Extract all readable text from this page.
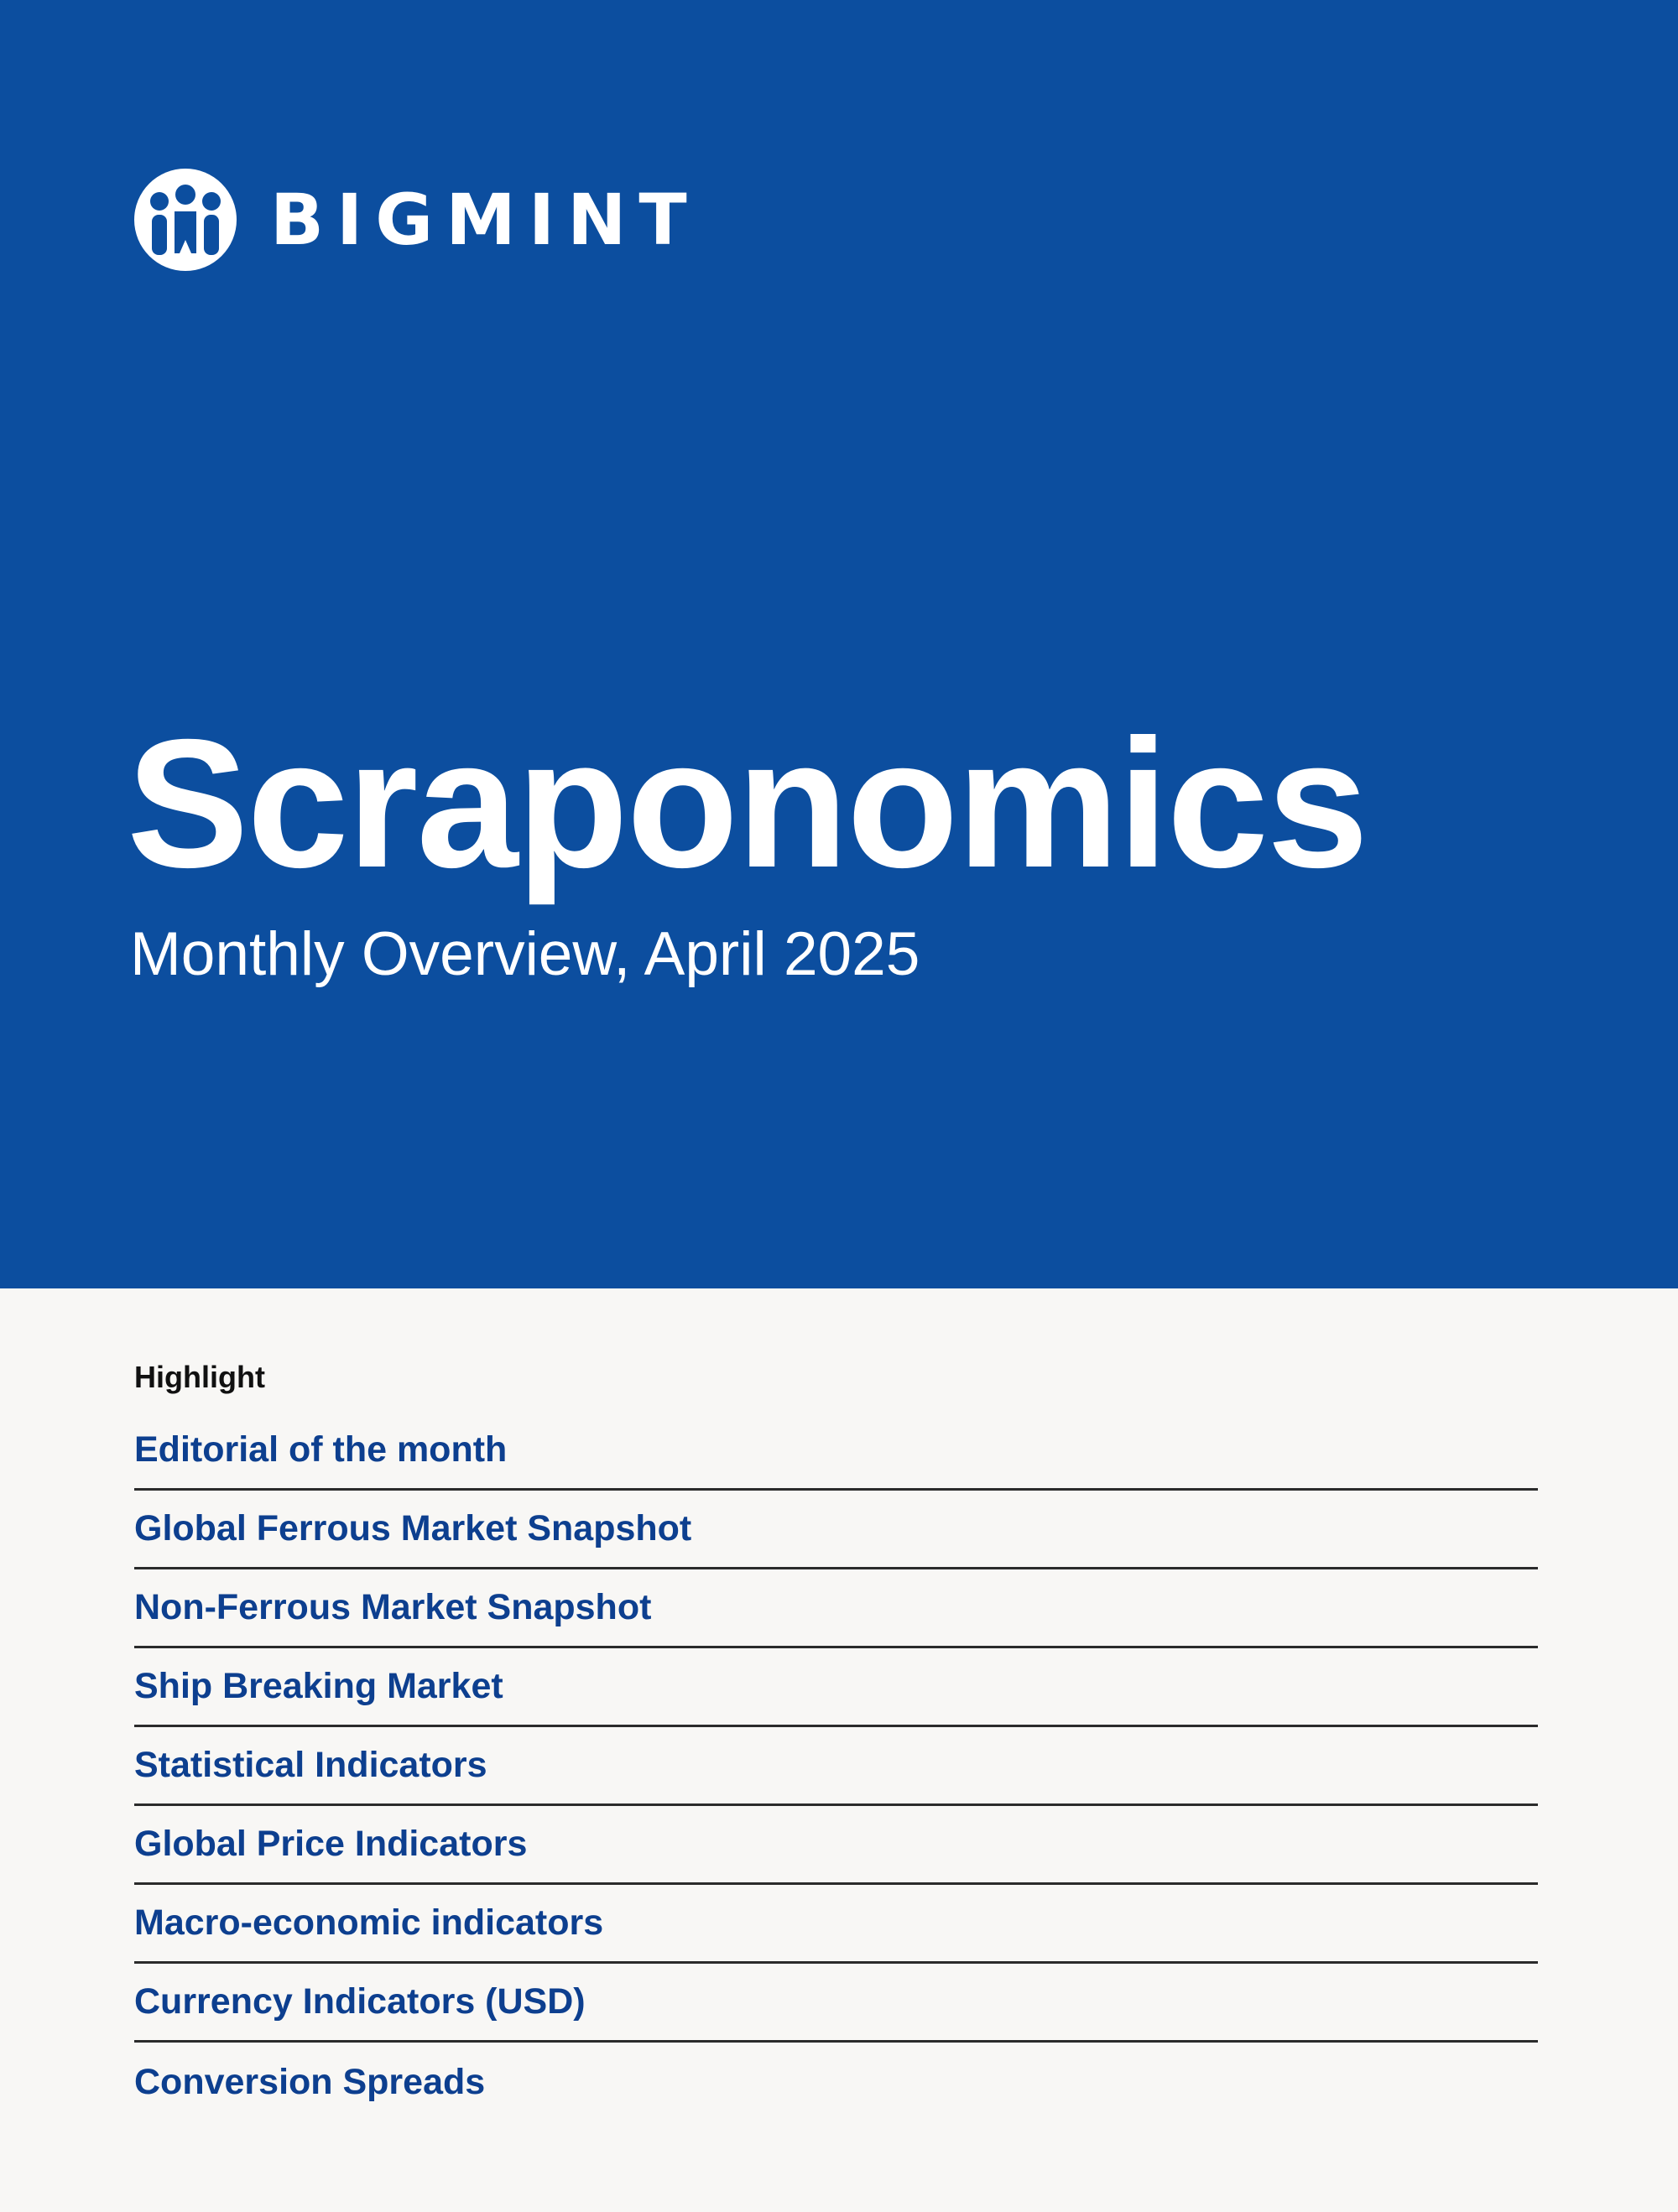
BIGMINT
Scraponomics

Monthly Overview, April 2025

Highlight
Editorial of the month
Global Ferrous Market Snapshot
Non-Ferrous Market Snapshot
Ship Breaking Market
Statistical Indicators
Global Price Indicators
Macro-economic indicators
Currency Indicators (USD)
Conversion Spreads
